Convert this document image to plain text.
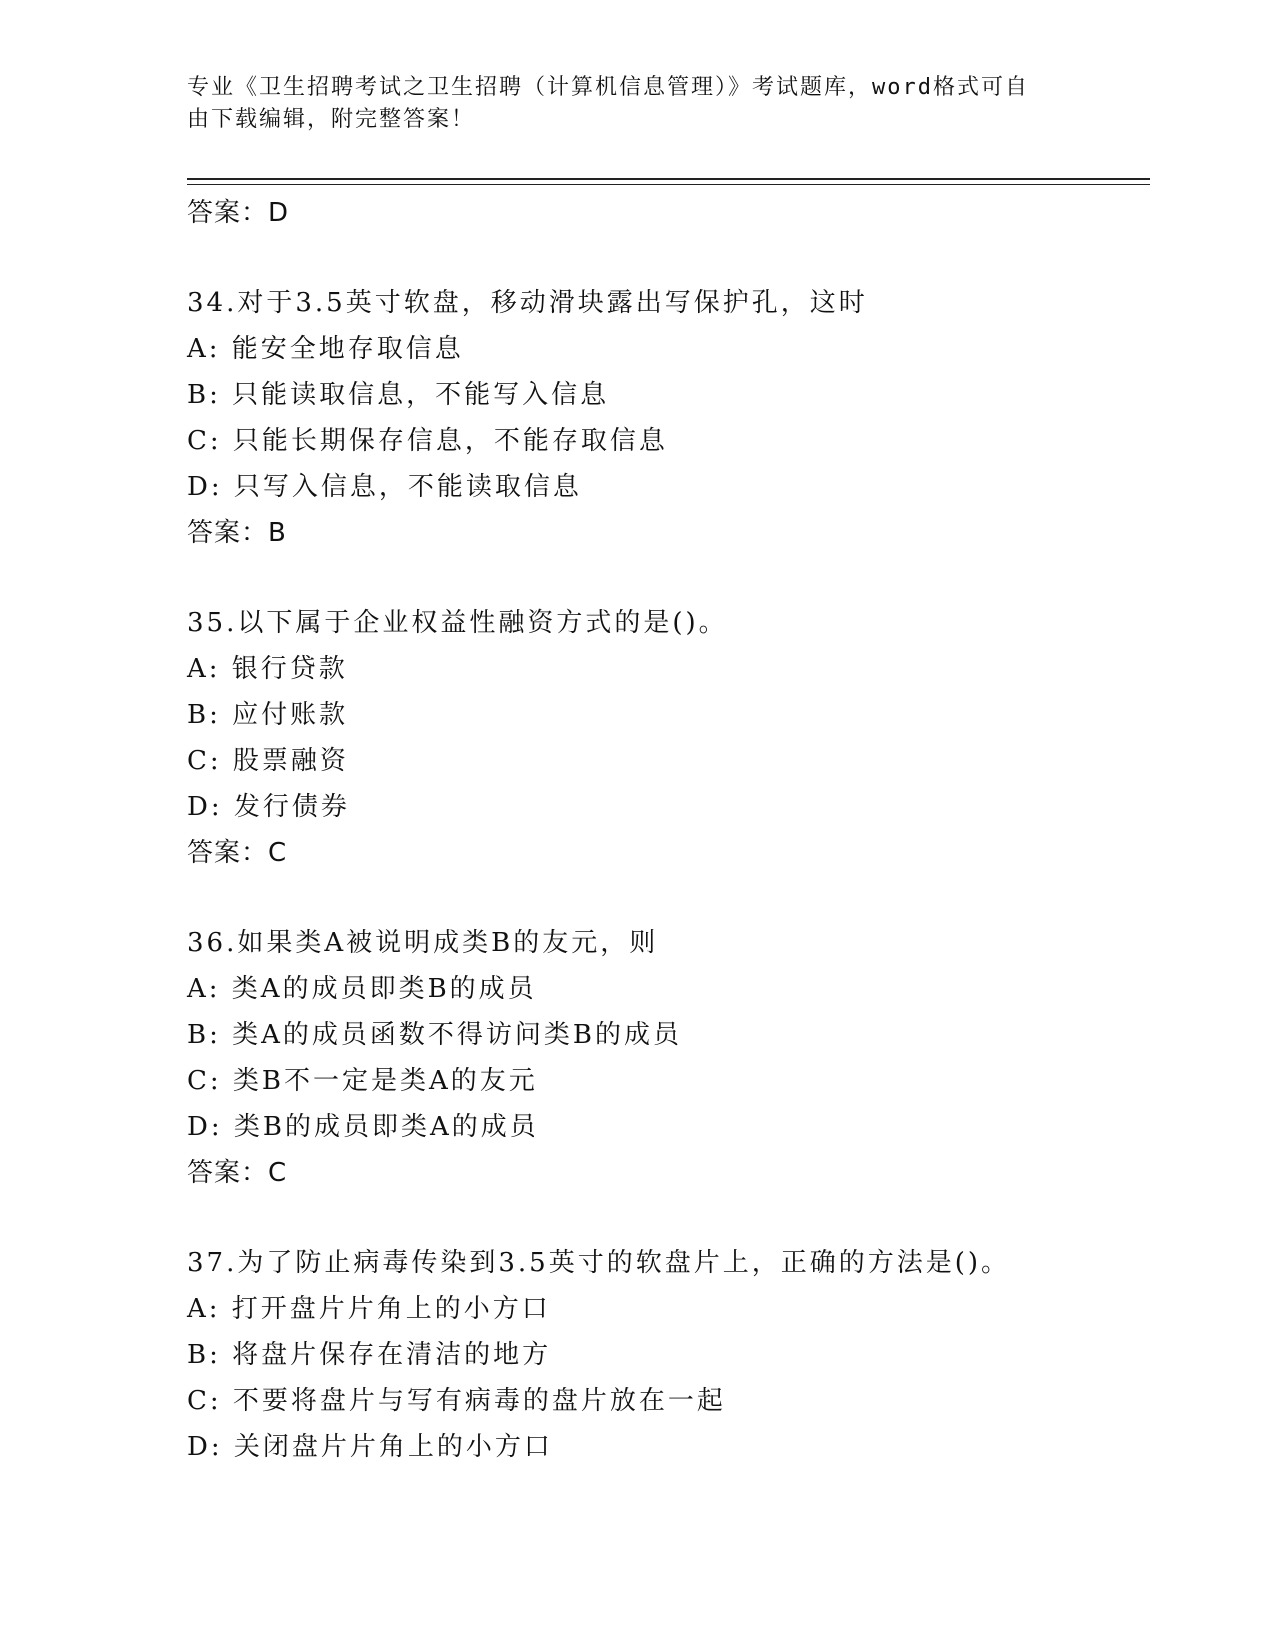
专业《卫生招聘考试之卫生招聘（计算机信息管理）》考试题库，word格式可自
由下载编辑，附完整答案！
答案：D
34.对于3.5英寸软盘，移动滑块露出写保护孔，这时
A: 能安全地存取信息
B: 只能读取信息，不能写入信息
C: 只能长期保存信息，不能存取信息
D: 只写入信息，不能读取信息
答案：B
35.以下属于企业权益性融资方式的是()。
A: 银行贷款
B: 应付账款
C: 股票融资
D: 发行债券
答案：C
36.如果类A被说明成类B的友元，则
A: 类A的成员即类B的成员
B: 类A的成员函数不得访问类B的成员
C: 类B不一定是类A的友元
D: 类B的成员即类A的成员
答案：C
37.为了防止病毒传染到3.5英寸的软盘片上，正确的方法是()。
A: 打开盘片片角上的小方口
B: 将盘片保存在清洁的地方
C: 不要将盘片与写有病毒的盘片放在一起
D: 关闭盘片片角上的小方口
